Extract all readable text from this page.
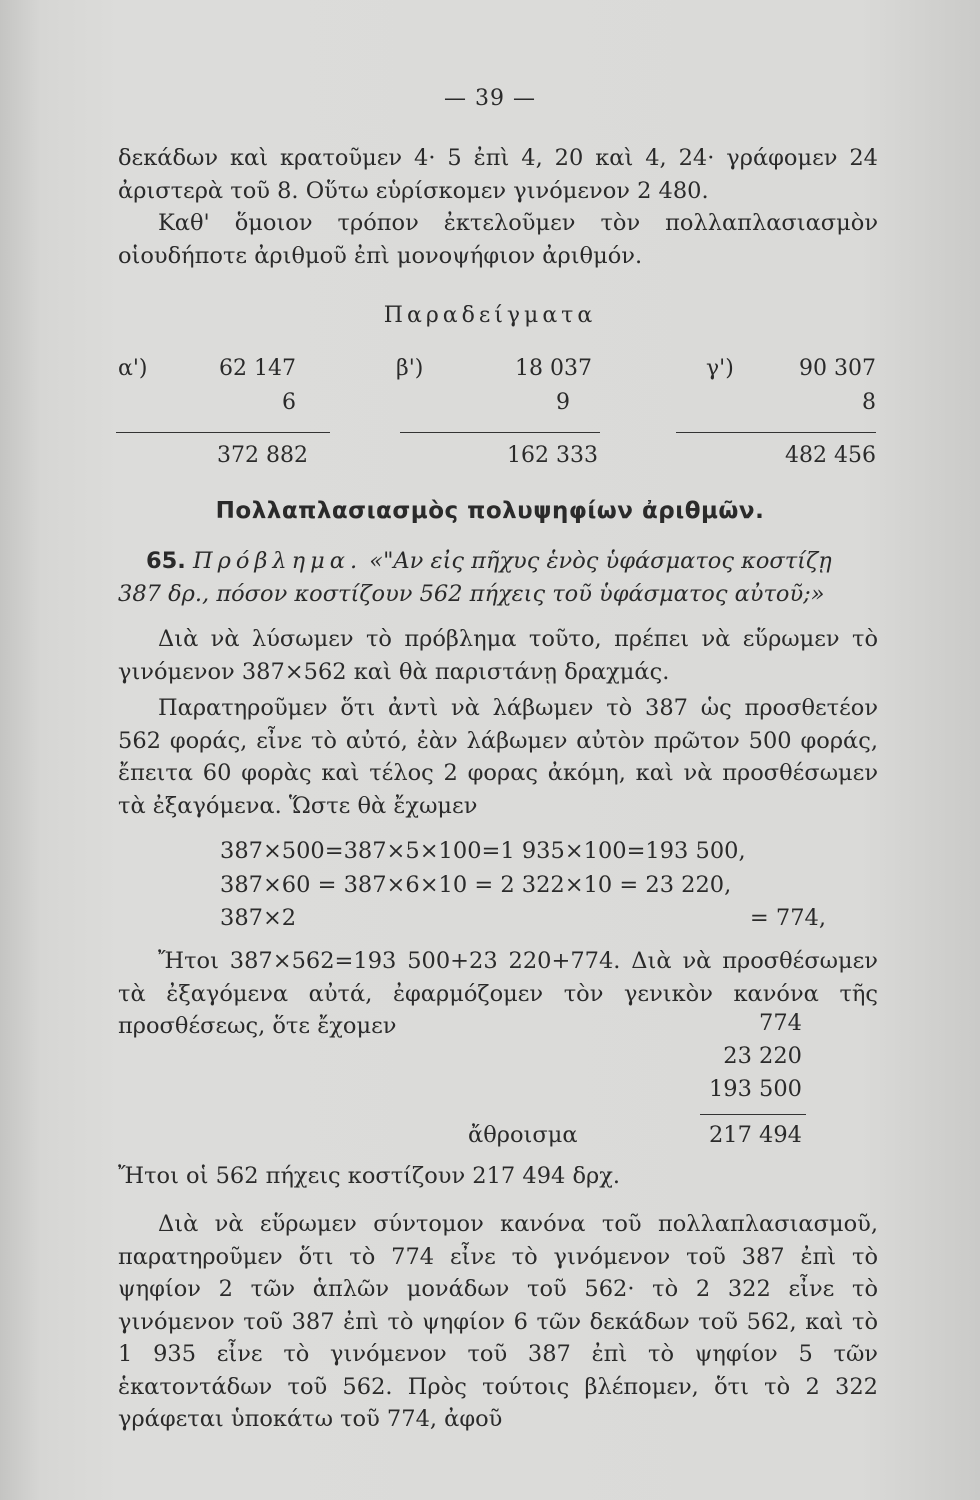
— 39 —
δεκάδων καὶ κρατοῦμεν 4· 5 ἐπὶ 4, 20 καὶ 4, 24· γράφομεν 24 ἀριστερὰ τοῦ 8. Οὕτω εὑρίσκομεν γινόμενον 2 480.
Καθ' ὅμοιον τρόπον ἐκτελοῦμεν τὸν πολλαπλασιασμὸν οἱουδήποτε ἀριθμοῦ ἐπὶ μονοψήφιον ἀριθμόν.
Παραδείγματα
α')	62 147
6
372 882
β')	18 037
9
162 333
γ')	90 307
8
482 456
Πολλαπλασιασμὸς πολυψηφίων ἀριθμῶν.
65. Πρόβλημα. «"Αν εἰς πῆχυς ἑνὸς ὑφάσματος κοστίζῃ
387 δρ., πόσον κοστίζουν 562 πήχεις τοῦ ὑφάσματος αὐτοῦ;»
Διὰ νὰ λύσωμεν τὸ πρόβλημα τοῦτο, πρέπει νὰ εὕρωμεν τὸ γινόμενον 387×562 καὶ θὰ παριστάνῃ δραχμάς.
Παρατηροῦμεν ὅτι ἀντὶ νὰ λάβωμεν τὸ 387 ὡς προσθετέον 562 φοράς, εἶνε τὸ αὐτό, ἐὰν λάβωμεν αὐτὸν πρῶτον 500 φοράς, ἔπειτα 60 φορὰς καὶ τέλος 2 φορας ἀκόμη, καὶ νὰ προσθέσωμεν τὰ ἐξαγόμενα. Ὥστε θὰ ἔχωμεν
387×500=387×5×100=1 935×100=193 500,
387×60 = 387×6×10 = 2 322×10 = 23 220,
387×2	= 774,
Ἤτοι 387×562=193 500+23 220+774. Διὰ νὰ προσθέσωμεν τὰ ἐξαγόμενα αὐτά, ἐφαρμόζομεν τὸν γενικὸν κανόνα τῆς προσθέσεως, ὅτε ἔχομεν	774
23 220
193 500
ἄθροισμα	217 494
Ἤτοι οἱ 562 πήχεις κοστίζουν 217 494 δρχ.
Διὰ νὰ εὕρωμεν σύντομον κανόνα τοῦ πολλαπλασιασμοῦ, παρατηροῦμεν ὅτι τὸ 774 εἶνε τὸ γινόμενον τοῦ 387 ἐπὶ τὸ ψηφίον 2 τῶν ἁπλῶν μονάδων τοῦ 562· τὸ 2 322 εἶνε τὸ γινόμενον τοῦ 387 ἐπὶ τὸ ψηφίον 6 τῶν δεκάδων τοῦ 562, καὶ τὸ 1 935 εἶνε τὸ γινόμενον τοῦ 387 ἐπὶ τὸ ψηφίον 5 τῶν ἑκατοντάδων τοῦ 562. Πρὸς τούτοις βλέπομεν, ὅτι τὸ 2 322 γράφεται ὑποκάτω τοῦ 774, ἀφοῦ
